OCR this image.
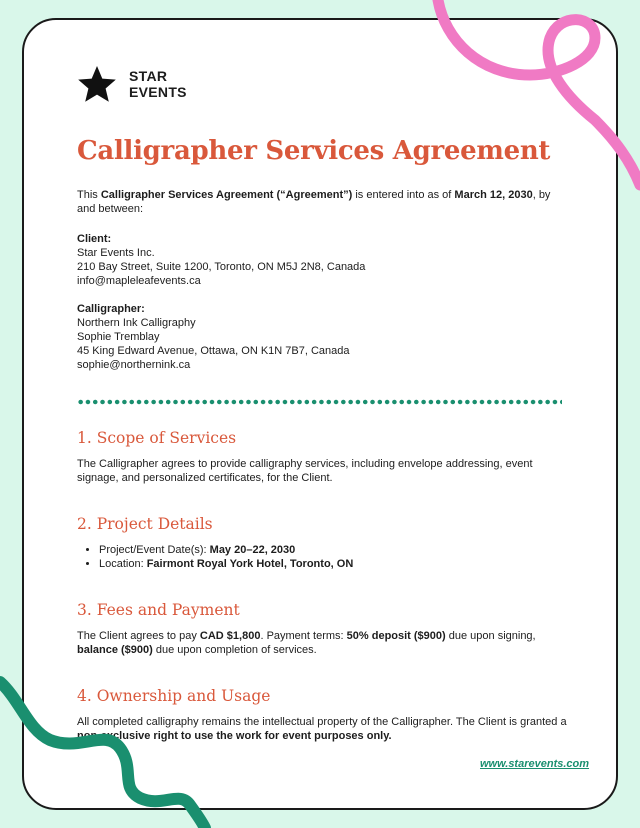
STAR
EVENTS
Calligrapher Services Agreement

This Calligrapher Services Agreement (“Agreement”) is entered into as of March 12, 2030, by and between:

Client:

Star Events Inc.

210 Bay Street, Suite 1200, Toronto, ON M5J 2N8, Canada

info@mapleleafevents.ca

Calligrapher:

Northern Ink Calligraphy

Sophie Tremblay

45 King Edward Avenue, Ottawa, ON K1N 7B7, Canada

sophie@northernink.ca

1. Scope of Services

The Calligrapher agrees to provide calligraphy services, including envelope addressing, event signage, and personalized certificates, for the Client.

2. Project Details
• Project/Event Date(s): May 20–22, 2030
• Location: Fairmont Royal York Hotel, Toronto, ON
3. Fees and Payment

The Client agrees to pay CAD $1,800. Payment terms: 50% deposit ($900) due upon signing, balance ($900) due upon completion of services.

4. Ownership and Usage

All completed calligraphy remains the intellectual property of the Calligrapher. The Client is granted a non-exclusive right to use the work for event purposes only.

www.starevents.com
